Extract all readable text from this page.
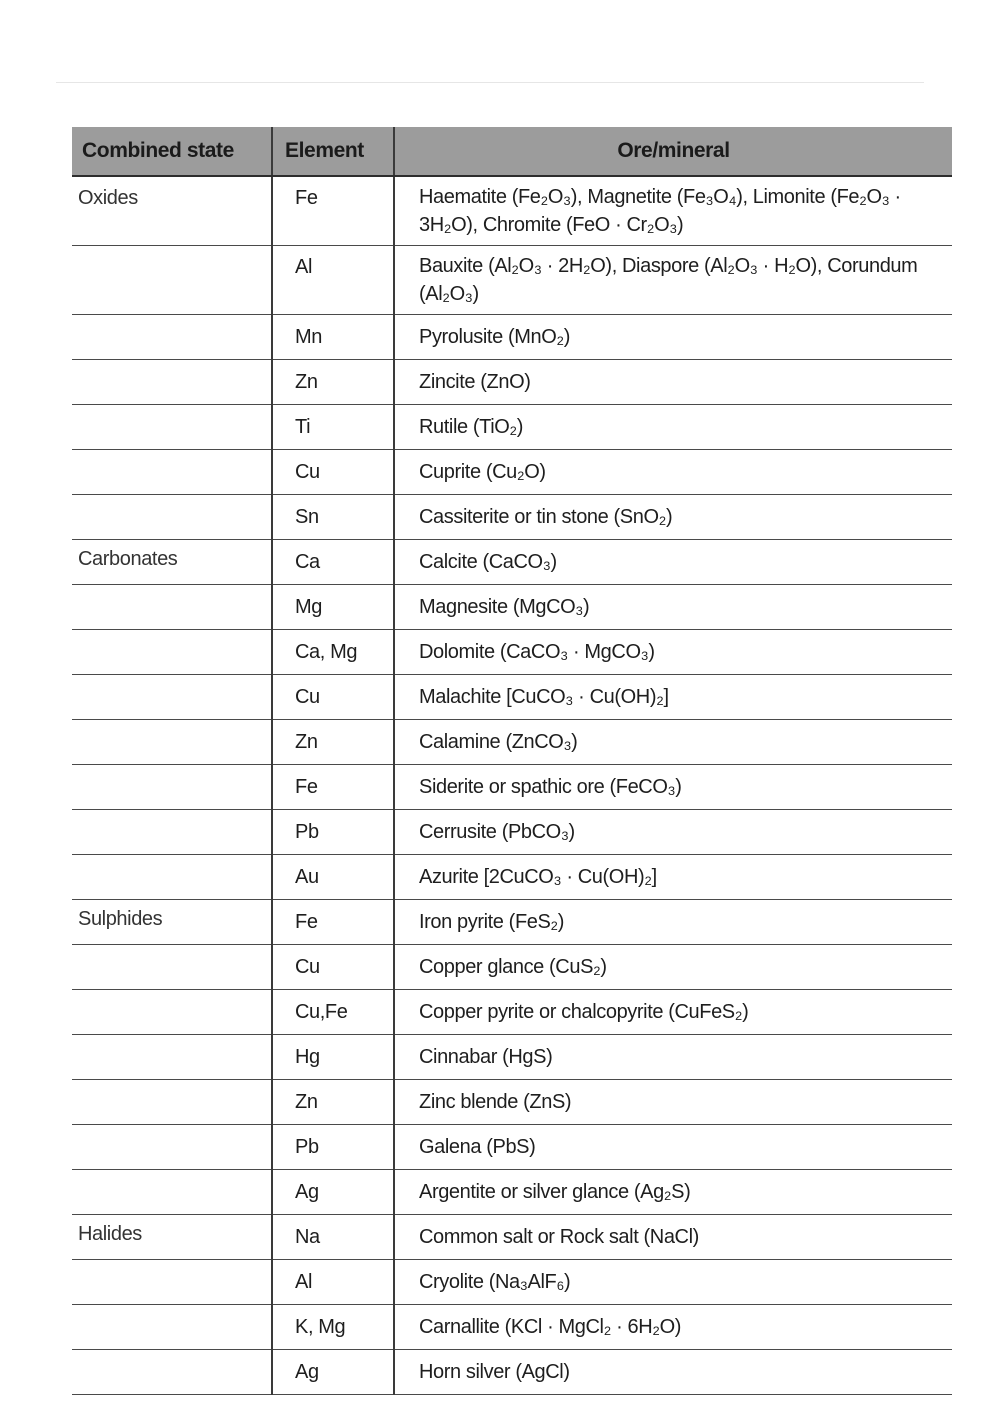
Combined state	Element	Ore/mineral
Oxides	Fe	Haematite (Fe₂O₃), Magnetite (Fe₃O₄), Limonite (Fe₂O₃ · 3H₂O), Chromite (FeO · Cr₂O₃)
	Al	Bauxite (Al₂O₃ · 2H₂O), Diaspore (Al₂O₃ · H₂O), Corundum (Al₂O₃)
	Mn	Pyrolusite (MnO₂)
	Zn	Zincite (ZnO)
	Ti	Rutile (TiO₂)
	Cu	Cuprite (Cu₂O)
	Sn	Cassiterite or tin stone (SnO₂)
Carbonates	Ca	Calcite (CaCO₃)
	Mg	Magnesite (MgCO₃)
	Ca, Mg	Dolomite (CaCO₃ · MgCO₃)
	Cu	Malachite [CuCO₃ · Cu(OH)₂]
	Zn	Calamine (ZnCO₃)
	Fe	Siderite or spathic ore (FeCO₃)
	Pb	Cerrusite (PbCO₃)
	Au	Azurite [2CuCO₃ · Cu(OH)₂]
Sulphides	Fe	Iron pyrite (FeS₂)
	Cu	Copper glance (CuS₂)
	Cu,Fe	Copper pyrite or chalcopyrite (CuFeS₂)
	Hg	Cinnabar (HgS)
	Zn	Zinc blende (ZnS)
	Pb	Galena (PbS)
	Ag	Argentite or silver glance (Ag₂S)
Halides	Na	Common salt or Rock salt (NaCl)
	Al	Cryolite (Na₃AlF₆)
	K, Mg	Carnallite (KCl · MgCl₂ · 6H₂O)
	Ag	Horn silver (AgCl)
